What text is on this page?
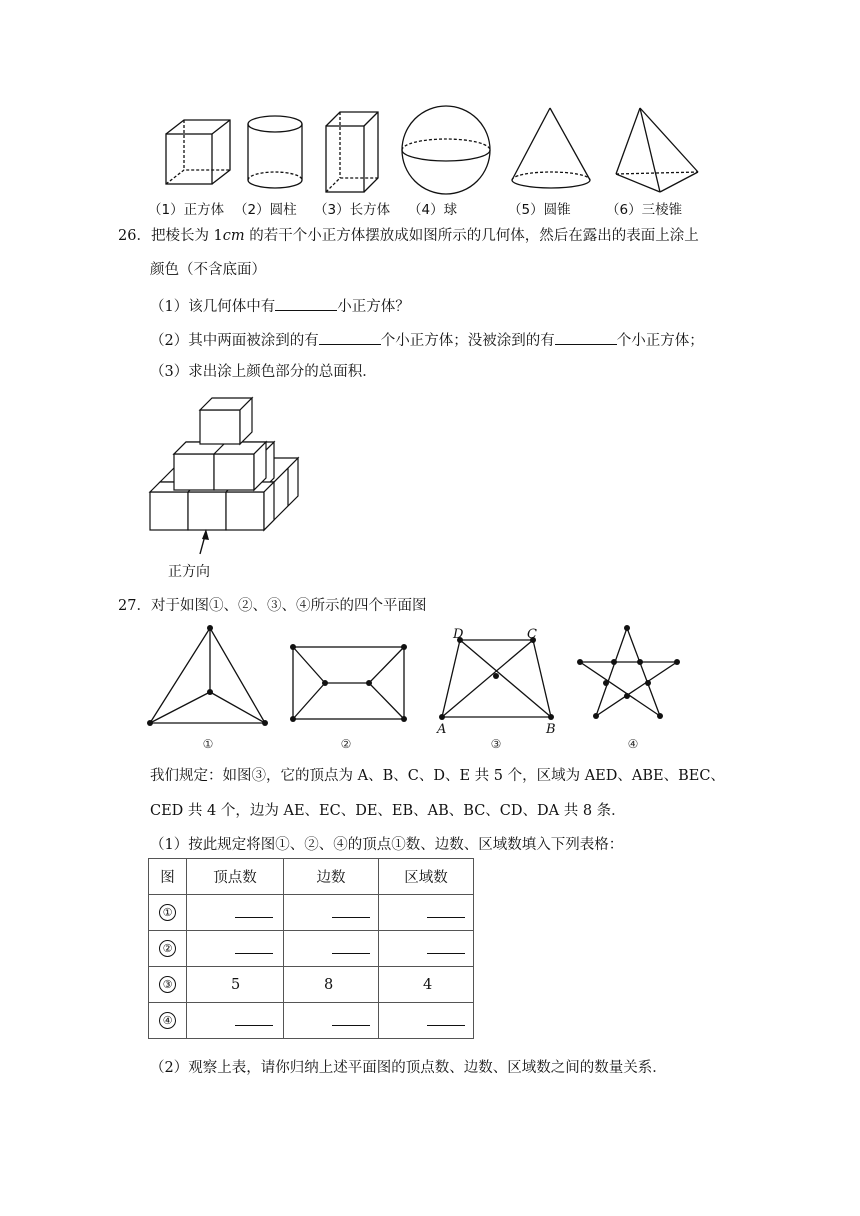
（1）正方体 （2）圆柱 （3）长方体 （4）球	（5）圆锥	（6）三棱锥
26．把棱长为 1cm 的若干个小正方体摆放成如图所示的几何体，然后在露出的表面上涂上
颜色（不含底面）
（1）该几何体中有	小正方体？
（2）其中两面被涂到的有	个小正方体；没被涂到的有	个小正方体；
（3）求出涂上颜色部分的总面积．
正方向
27．对于如图①、②、③、④所示的四个平面图
D	C
A	B
①	②	③	④
我们规定：如图③，它的顶点为 A、B、C、D、E 共 5 个，区域为 AED、ABE、BEC、
CED 共 4 个，边为 AE、EC、DE、EB、AB、BC、CD、DA 共 8 条．
（1）按此规定将图①、②、④的顶点①数、边数、区域数填入下列表格：
图	顶点数	边数	区域数
①			
②			
③	5	8	4
④			
（2）观察上表，请你归纳上述平面图的顶点数、边数、区域数之间的数量关系．
